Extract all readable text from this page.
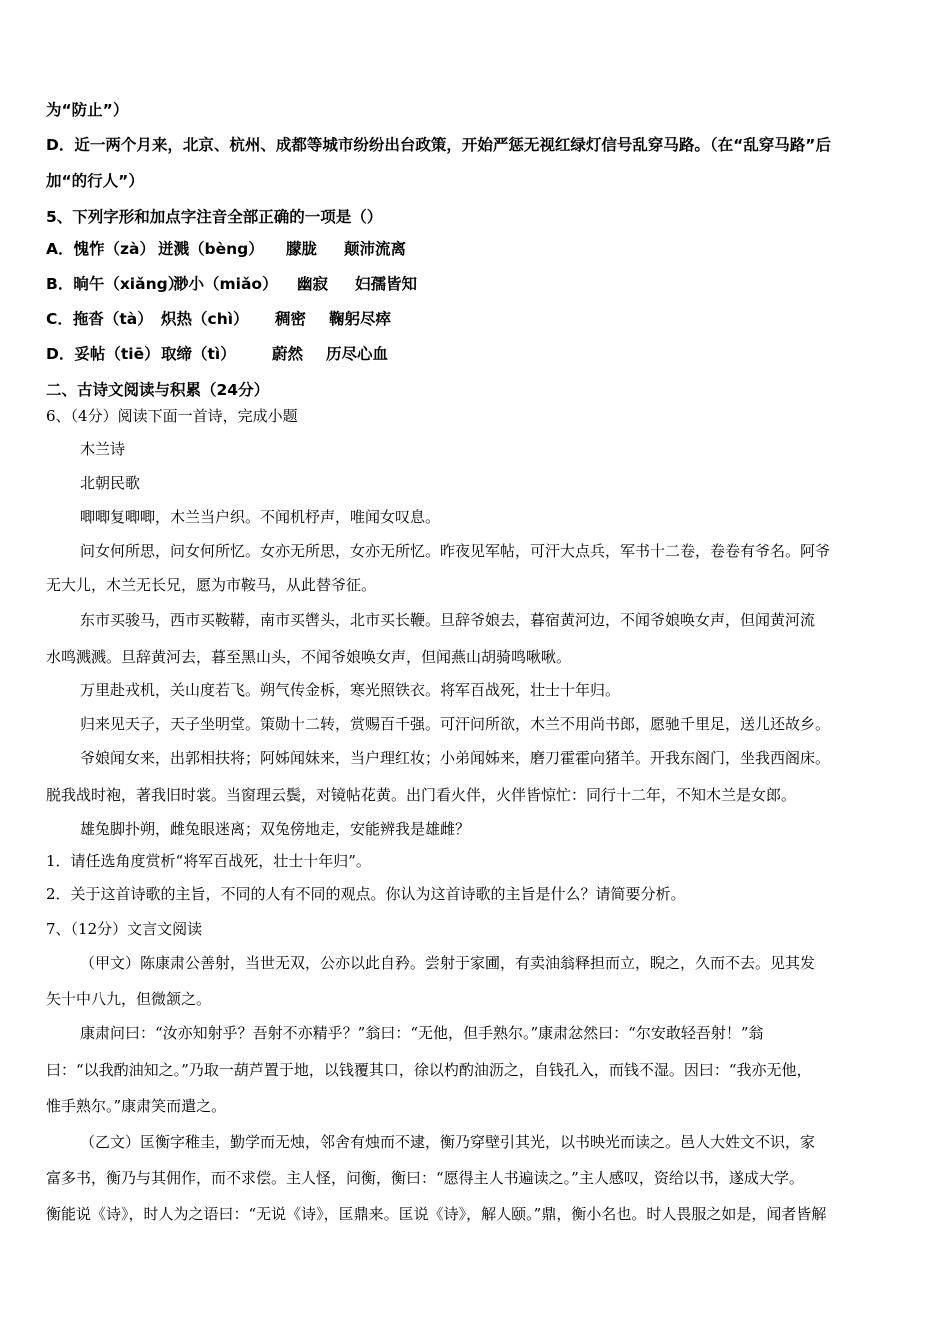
为“防止”）
D．近一两个月来，北京、杭州、成都等城市纷纷出台政策，开始严惩无视红绿灯信号乱穿马路。（在“乱穿马路”后
加“的行人”）
5、下列字形和加点字注音全部正确的一项是（）
A．愧怍（zà） 迸溅（bèng） 朦胧 颠沛流离
B．晌午（xiǎng）渺小（miǎo） 幽寂 妇孺皆知
C．拖沓（tà） 炽热（chì） 稠密 鞠躬尽瘁
D．妥帖（tiē）取缔（tì） 蔚然 历尽心血
二、古诗文阅读与积累（24分）
6、（4分）阅读下面一首诗，完成小题
木兰诗
北朝民歌
唧唧复唧唧，木兰当户织。不闻机杼声，唯闻女叹息。
问女何所思，问女何所忆。女亦无所思，女亦无所忆。昨夜见军帖，可汗大点兵，军书十二卷，卷卷有爷名。阿爷
无大儿，木兰无长兄，愿为市鞍马，从此替爷征。
东市买骏马，西市买鞍鞯，南市买辔头，北市买长鞭。旦辞爷娘去，暮宿黄河边，不闻爷娘唤女声，但闻黄河流
水鸣溅溅。旦辞黄河去，暮至黑山头，不闻爷娘唤女声，但闻燕山胡骑鸣啾啾。
万里赴戎机，关山度若飞。朔气传金柝，寒光照铁衣。将军百战死，壮士十年归。
归来见天子，天子坐明堂。策勋十二转，赏赐百千强。可汗问所欲，木兰不用尚书郎，愿驰千里足，送儿还故乡。
爷娘闻女来，出郭相扶将；阿姊闻妹来，当户理红妆；小弟闻姊来，磨刀霍霍向猪羊。开我东阁门，坐我西阁床。
脱我战时袍，著我旧时裳。当窗理云鬓，对镜帖花黄。出门看火伴，火伴皆惊忙：同行十二年，不知木兰是女郎。
雄兔脚扑朔，雌兔眼迷离；双兔傍地走，安能辨我是雄雌？
1．请任选角度赏析“将军百战死，壮士十年归”。
2．关于这首诗歌的主旨，不同的人有不同的观点。你认为这首诗歌的主旨是什么？请简要分析。
7、（12分）文言文阅读
（甲文）陈康肃公善射，当世无双，公亦以此自矜。尝射于家圃，有卖油翁释担而立，睨之，久而不去。见其发
矢十中八九，但微颔之。
康肃问曰：“汝亦知射乎？吾射不亦精乎？”翁曰：“无他，但手熟尔。”康肃忿然曰：“尔安敢轻吾射！”翁
曰：“以我酌油知之。”乃取一葫芦置于地，以钱覆其口，徐以杓酌油沥之，自钱孔入，而钱不湿。因曰：“我亦无他，
惟手熟尔。”康肃笑而遣之。
（乙文）匡衡字稚圭，勤学而无烛，邻舍有烛而不逮，衡乃穿壁引其光，以书映光而读之。邑人大姓文不识，家
富多书，衡乃与其佣作，而不求偿。主人怪，问衡，衡曰：“愿得主人书遍读之。”主人感叹，资给以书，遂成大学。
衡能说《诗》，时人为之语曰：“无说《诗》，匡鼎来。匡说《诗》，解人颐。”鼎，衡小名也。时人畏服之如是，闻者皆解
